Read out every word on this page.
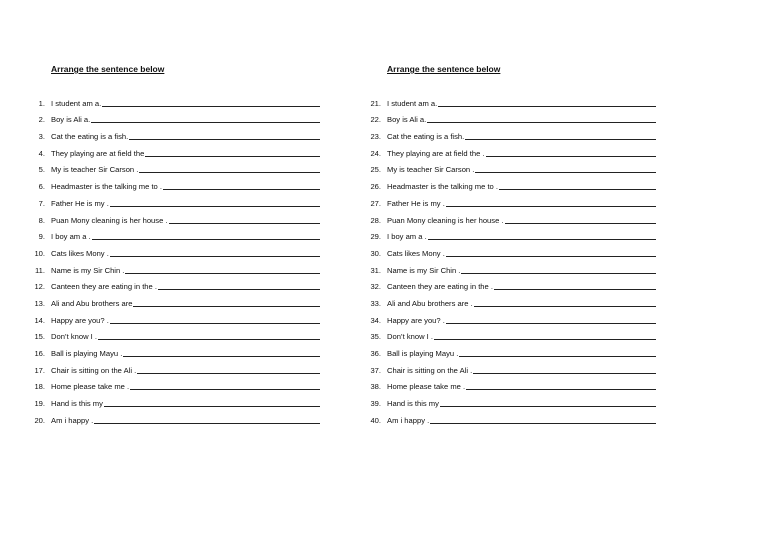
Arrange the sentence below
1. I student am a.
2. Boy is Ali a.
3. Cat the eating is a fish.
4. They playing are at field the
5. My is teacher Sir Carson .
6. Headmaster is the talking me to .
7. Father He is my .
8. Puan Mony cleaning is her house .
9. I boy am a .
10. Cats likes Mony .
11. Name is my Sir Chin .
12. Canteen they are eating in the .
13. Ali and Abu brothers are
14. Happy are you? .
15. Don’t know I .
16. Ball is playing Mayu .
17. Chair is sitting on the Ali .
18. Home please take me .
19. Hand is this my
20. Am i happy .
Arrange the sentence below
21. I student am a.
22. Boy is Ali a.
23. Cat the eating is a fish.
24. They playing are at field the .
25. My is teacher Sir Carson .
26. Headmaster is the talking me to .
27. Father He is my .
28. Puan Mony cleaning is her house .
29. I boy am a .
30. Cats likes Mony .
31. Name is my Sir Chin .
32. Canteen they are eating in the .
33. Ali and Abu brothers are .
34. Happy are you? .
35. Don’t know I .
36. Ball is playing Mayu .
37. Chair is sitting on the Ali .
38. Home please take me .
39. Hand is this my
40. Am i happy .
